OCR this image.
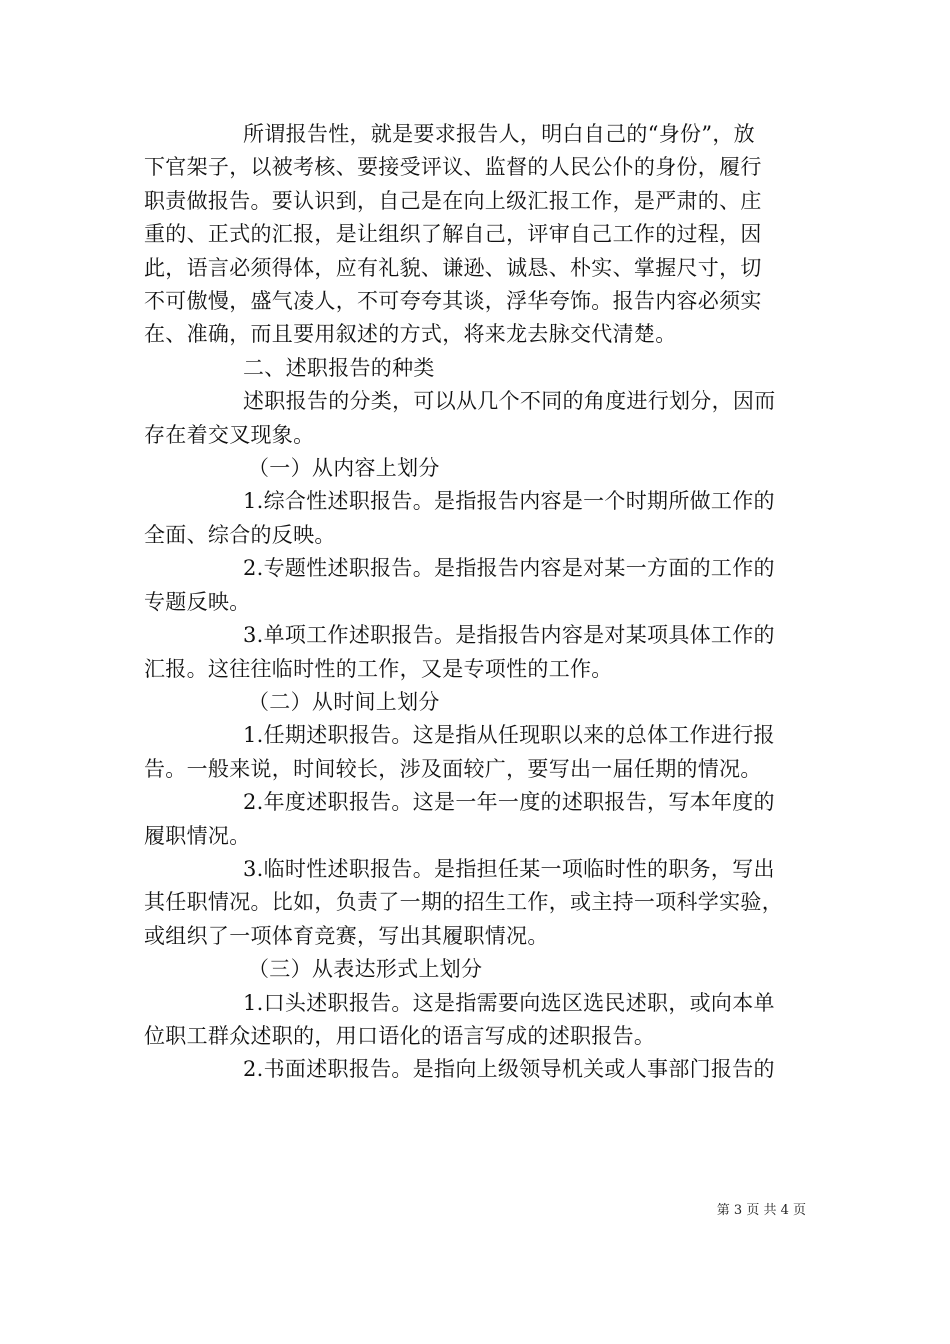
所谓报告性，就是要求报告人，明白自己的“身份”，放
下官架子，以被考核、要接受评议、监督的人民公仆的身份，履行
职责做报告。要认识到，自己是在向上级汇报工作，是严肃的、庄
重的、正式的汇报，是让组织了解自己，评审自己工作的过程，因
此，语言必须得体，应有礼貌、谦逊、诚恳、朴实、掌握尺寸，切
不可傲慢，盛气凌人，不可夸夸其谈，浮华夸饰。报告内容必须实
在、准确，而且要用叙述的方式，将来龙去脉交代清楚。
二、述职报告的种类
述职报告的分类，可以从几个不同的角度进行划分，因而
存在着交叉现象。
（一）从内容上划分
1.综合性述职报告。是指报告内容是一个时期所做工作的
全面、综合的反映。
2.专题性述职报告。是指报告内容是对某一方面的工作的
专题反映。
3.单项工作述职报告。是指报告内容是对某项具体工作的
汇报。这往往临时性的工作，又是专项性的工作。
（二）从时间上划分
1.任期述职报告。这是指从任现职以来的总体工作进行报
告。一般来说，时间较长，涉及面较广，要写出一届任期的情况。
2.年度述职报告。这是一年一度的述职报告，写本年度的
履职情况。
3.临时性述职报告。是指担任某一项临时性的职务，写出
其任职情况。比如，负责了一期的招生工作，或主持一项科学实验，
或组织了一项体育竞赛，写出其履职情况。
（三）从表达形式上划分
1.口头述职报告。这是指需要向选区选民述职，或向本单
位职工群众述职的，用口语化的语言写成的述职报告。
2.书面述职报告。是指向上级领导机关或人事部门报告的
第 3 页 共 4 页
